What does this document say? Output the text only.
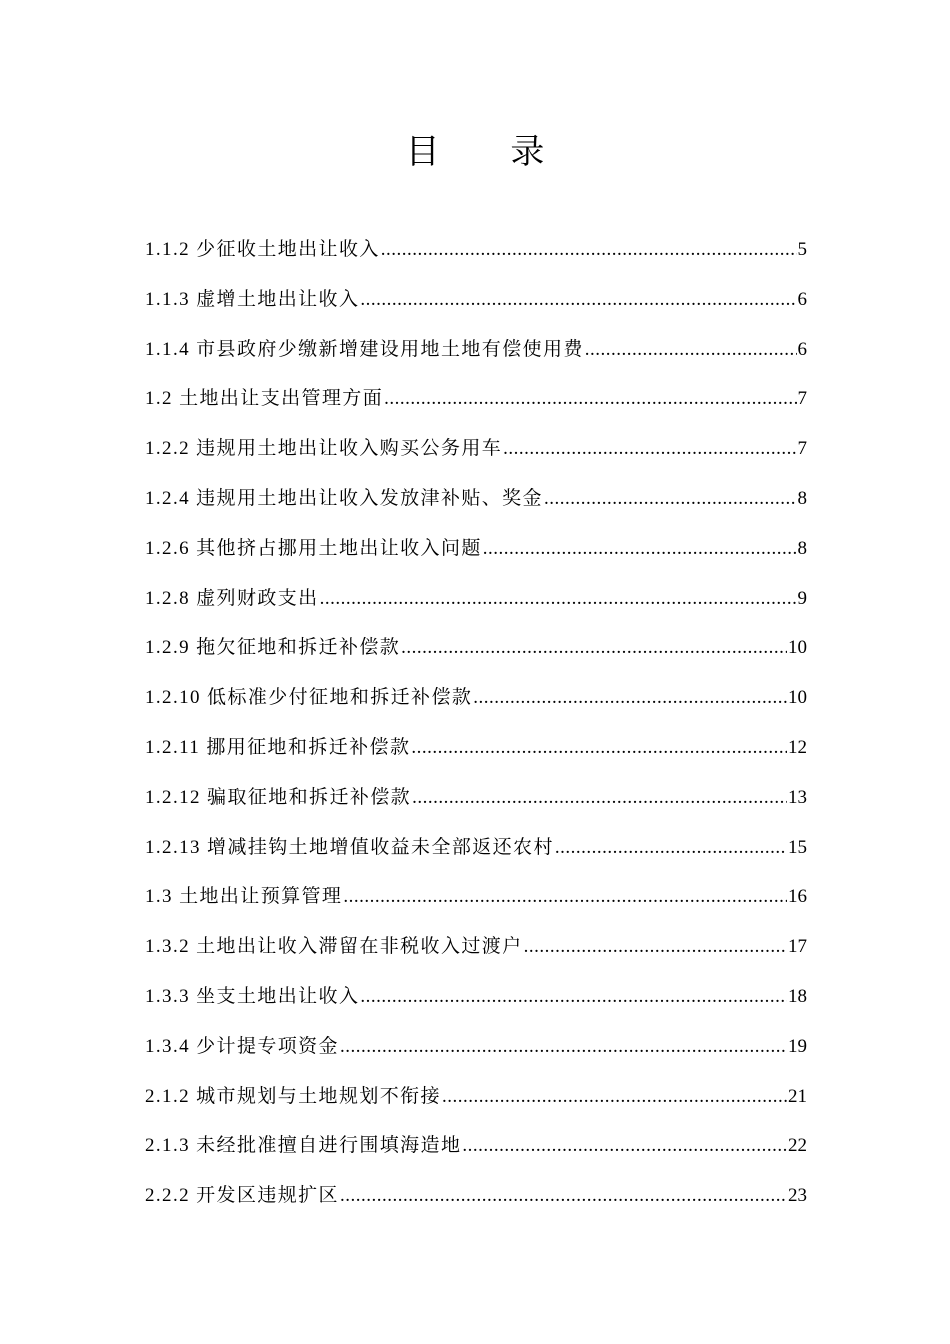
目 录
1.1.2 少征收土地出让收入 .....	5
1.1.3 虚增土地出让收入 .....	6
1.1.4 市县政府少缴新增建设用地土地有偿使用费 .....	6
1.2 土地出让支出管理方面 .....	7
1.2.2 违规用土地出让收入购买公务用车 .....	7
1.2.4 违规用土地出让收入发放津补贴、奖金 .....	8
1.2.6 其他挤占挪用土地出让收入问题 .....	8
1.2.8 虚列财政支出 .....	9
1.2.9 拖欠征地和拆迁补偿款 .....	10
1.2.10 低标准少付征地和拆迁补偿款 .....	10
1.2.11 挪用征地和拆迁补偿款 .....	12
1.2.12 骗取征地和拆迁补偿款 .....	13
1.2.13 增减挂钩土地增值收益未全部返还农村 .....	15
1.3 土地出让预算管理 .....	16
1.3.2 土地出让收入滞留在非税收入过渡户 .....	17
1.3.3 坐支土地出让收入 .....	18
1.3.4 少计提专项资金 .....	19
2.1.2 城市规划与土地规划不衔接 .....	21
2.1.3 未经批准擅自进行围填海造地 .....	22
2.2.2 开发区违规扩区 .....	23
